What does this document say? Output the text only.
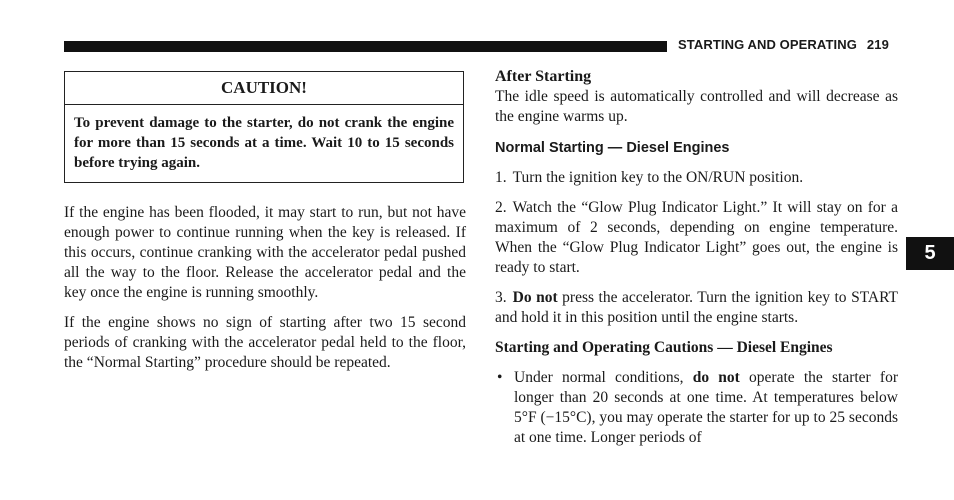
STARTING AND OPERATING 219
5
CAUTION!
To prevent damage to the starter, do not crank the engine for more than 15 seconds at a time. Wait 10 to 15 seconds before trying again.

If the engine has been flooded, it may start to run, but not have enough power to continue running when the key is released. If this occurs, continue cranking with the accelerator pedal pushed all the way to the floor. Release the accelerator pedal and the key once the engine is running smoothly.

If the engine shows no sign of starting after two 15 second periods of cranking with the accelerator pedal held to the floor, the “Normal Starting” procedure should be repeated.

After Starting

The idle speed is automatically controlled and will decrease as the engine warms up.

Normal Starting — Diesel Engines

1. Turn the ignition key to the ON/RUN position.

2. Watch the “Glow Plug Indicator Light.” It will stay on for a maximum of 2 seconds, depending on engine temperature. When the “Glow Plug Indicator Light” goes out, the engine is ready to start.

3. Do not press the accelerator. Turn the ignition key to START and hold it in this position until the engine starts.

Starting and Operating Cautions — Diesel Engines
• Under normal conditions, do not operate the starter for longer than 20 seconds at one time. At temperatures below 5°F (−15°C), you may operate the starter for up to 25 seconds at one time. Longer periods of
